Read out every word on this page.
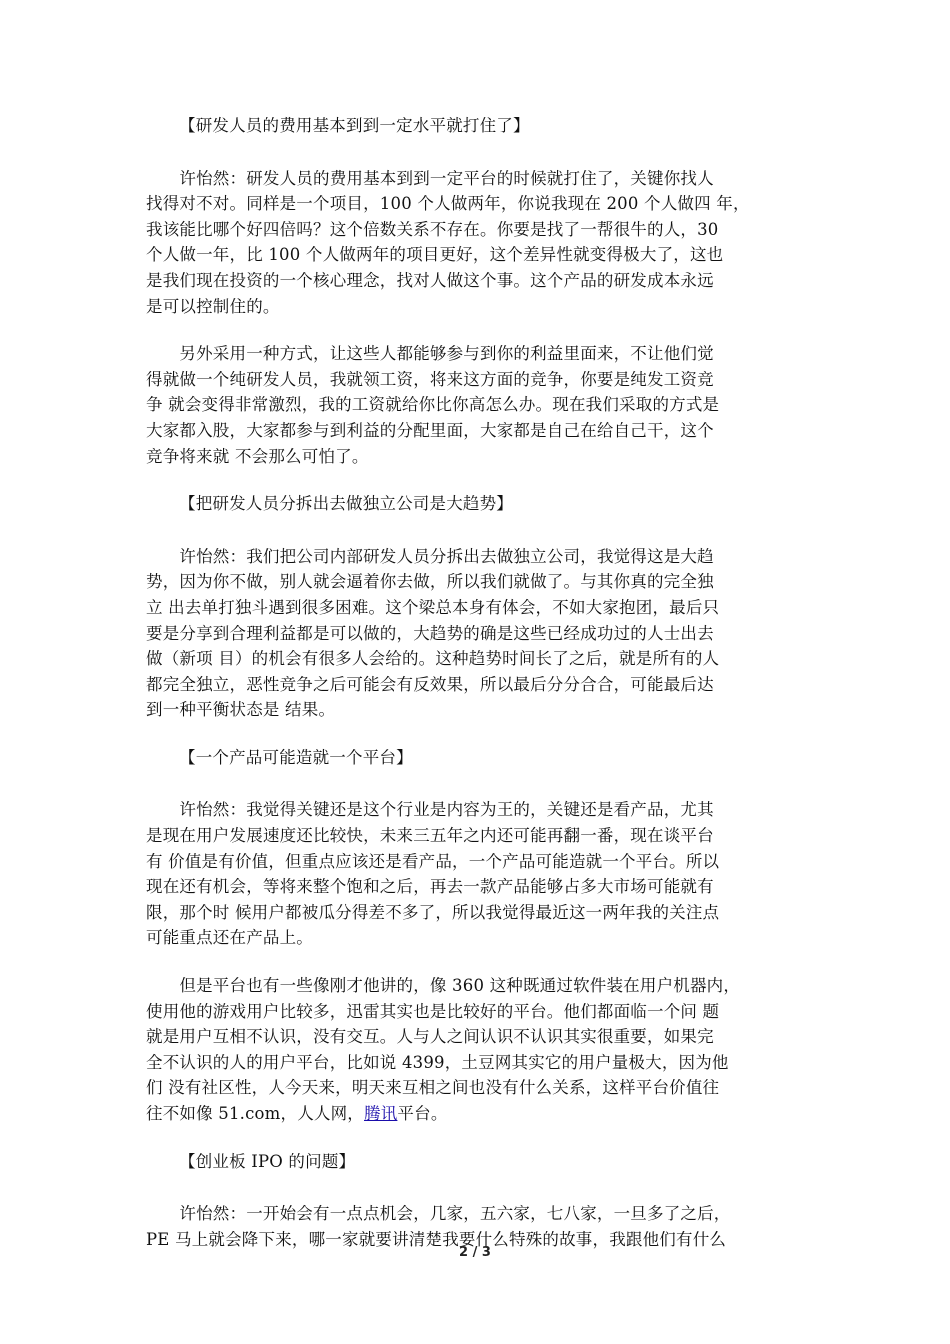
【研发人员的费用基本到到一定水平就打住了】
　　许怡然：研发人员的费用基本到到一定平台的时候就打住了，关键你找人
找得对不对。同样是一个项目，100 个人做两年，你说我现在 200 个人做四 年，
我该能比哪个好四倍吗？这个倍数关系不存在。你要是找了一帮很牛的人，30
个人做一年，比 100 个人做两年的项目更好，这个差异性就变得极大了，这也
是我们现在投资的一个核心理念，找对人做这个事。这个产品的研发成本永远
是可以控制住的。
　　另外采用一种方式，让这些人都能够参与到你的利益里面来，不让他们觉
得就做一个纯研发人员，我就领工资，将来这方面的竞争，你要是纯发工资竞
争 就会变得非常激烈，我的工资就给你比你高怎么办。现在我们采取的方式是
大家都入股，大家都参与到利益的分配里面，大家都是自己在给自己干，这个
竞争将来就 不会那么可怕了。
【把研发人员分拆出去做独立公司是大趋势】
　　许怡然：我们把公司内部研发人员分拆出去做独立公司，我觉得这是大趋
势，因为你不做，别人就会逼着你去做，所以我们就做了。与其你真的完全独
立 出去单打独斗遇到很多困难。这个梁总本身有体会，不如大家抱团，最后只
要是分享到合理利益都是可以做的，大趋势的确是这些已经成功过的人士出去
做（新项 目）的机会有很多人会给的。这种趋势时间长了之后，就是所有的人
都完全独立，恶性竞争之后可能会有反效果，所以最后分分合合，可能最后达
到一种平衡状态是 结果。
【一个产品可能造就一个平台】
　　许怡然：我觉得关键还是这个行业是内容为王的，关键还是看产品，尤其
是现在用户发展速度还比较快，未来三五年之内还可能再翻一番，现在谈平台
有 价值是有价值，但重点应该还是看产品，一个产品可能造就一个平台。所以
现在还有机会，等将来整个饱和之后，再去一款产品能够占多大市场可能就有
限，那个时 候用户都被瓜分得差不多了，所以我觉得最近这一两年我的关注点
可能重点还在产品上。
　　但是平台也有一些像刚才他讲的，像 360 这种既通过软件装在用户机器内，
使用他的游戏用户比较多，迅雷其实也是比较好的平台。他们都面临一个问 题
就是用户互相不认识，没有交互。人与人之间认识不认识其实很重要，如果完
全不认识的人的用户平台，比如说 4399，土豆网其实它的用户量极大，因为他
们 没有社区性，人今天来，明天来互相之间也没有什么关系，这样平台价值往
往不如像 51.com，人人网，腾讯平台。
【创业板 IPO 的问题】
　　许怡然：一开始会有一点点机会，几家，五六家，七八家，一旦多了之后，
PE 马上就会降下来，哪一家就要讲清楚我要什么特殊的故事，我跟他们有什么
2 / 3
